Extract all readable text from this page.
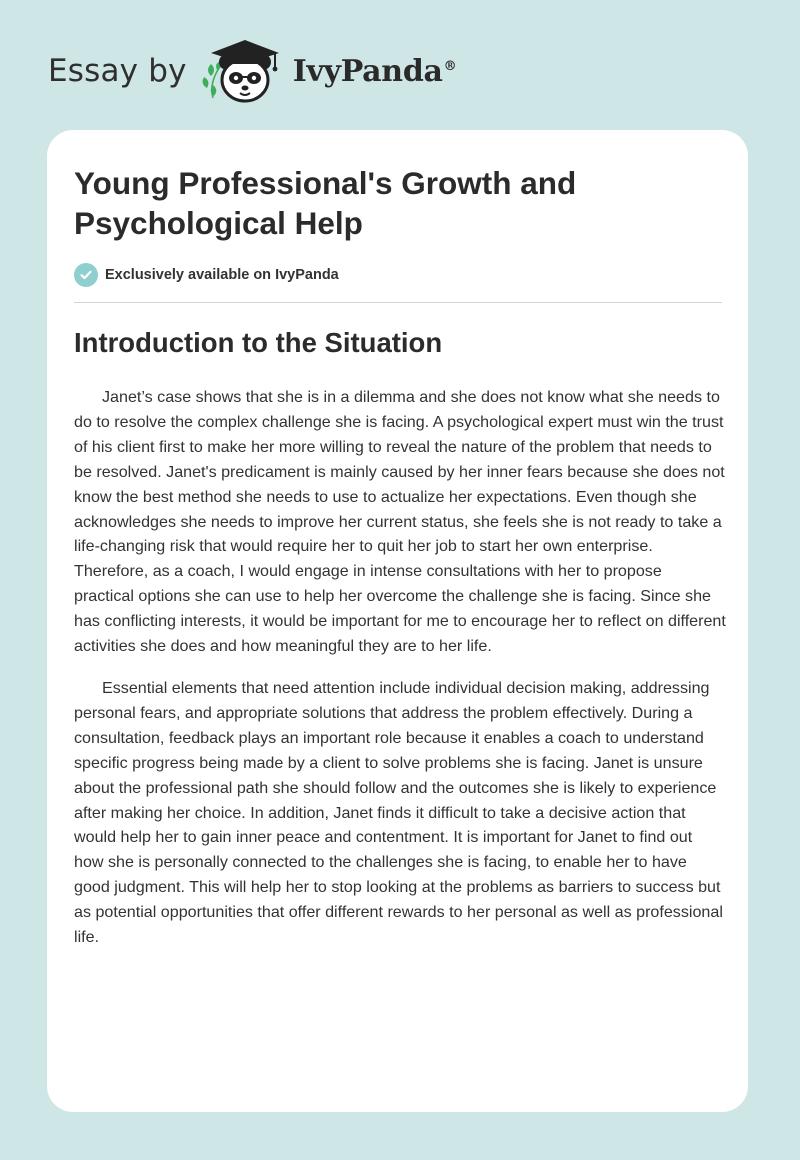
Essay by	IvyPanda®
Young Professional's Growth and Psychological Help
Exclusively available on IvyPanda
Introduction to the Situation

Janet’s case shows that she is in a dilemma and she does not know what she needs to do to resolve the complex challenge she is facing. A psychological expert must win the trust of his client first to make her more willing to reveal the nature of the problem that needs to be resolved. Janet's predicament is mainly caused by her inner fears because she does not know the best method she needs to use to actualize her expectations. Even though she acknowledges she needs to improve her current status, she feels she is not ready to take a life-changing risk that would require her to quit her job to start her own enterprise. Therefore, as a coach, I would engage in intense consultations with her to propose practical options she can use to help her overcome the challenge she is facing. Since she has conflicting interests, it would be important for me to encourage her to reflect on different activities she does and how meaningful they are to her life.

Essential elements that need attention include individual decision making, addressing personal fears, and appropriate solutions that address the problem effectively. During a consultation, feedback plays an important role because it enables a coach to understand specific progress being made by a client to solve problems she is facing. Janet is unsure about the professional path she should follow and the outcomes she is likely to experience after making her choice. In addition, Janet finds it difficult to take a decisive action that would help her to gain inner peace and contentment. It is important for Janet to find out how she is personally connected to the challenges she is facing, to enable her to have good judgment. This will help her to stop looking at the problems as barriers to success but as potential opportunities that offer different rewards to her personal as well as professional life.
